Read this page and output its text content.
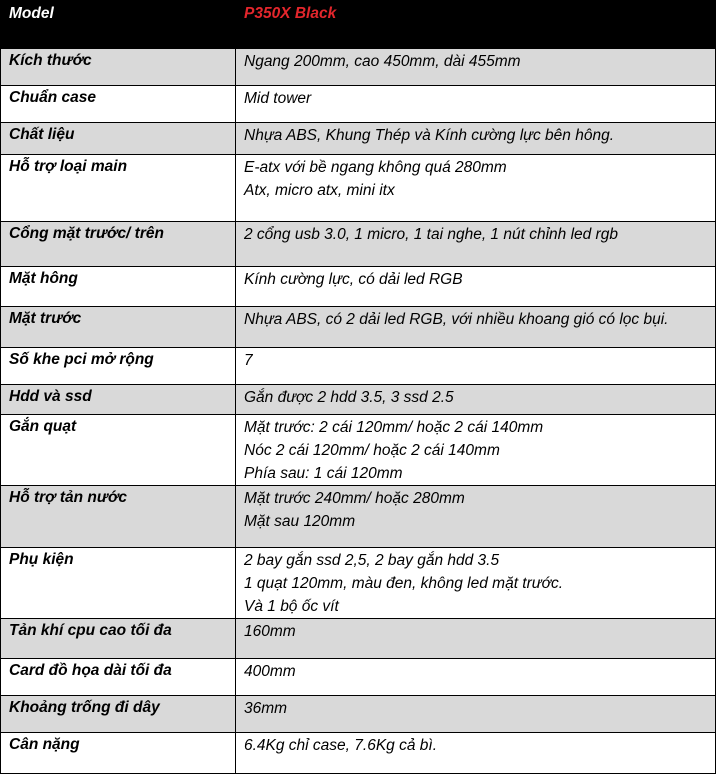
Model	P350X Black
Kích thước	Ngang 200mm, cao 450mm, dài 455mm

Chuẩn case	Mid tower

Chất liệu	Nhựa ABS, Khung Thép và Kính cường lực bên hông.

Hỗ trợ loại main	E-atx với bề ngang không quá 280mm
Atx, micro atx, mini itx

Cổng mặt trước/ trên	2 cổng usb 3.0, 1 micro, 1 tai nghe, 1 nút chỉnh led rgb

Mặt hông	Kính cường lực, có dải led RGB

Mặt trước	Nhựa ABS, có 2 dải led RGB, với nhiều khoang gió có lọc bụi.

Số khe pci mở rộng	7

Hdd và ssd	Gắn được 2 hdd 3.5, 3 ssd 2.5

Gắn quạt	Mặt trước: 2 cái 120mm/ hoặc 2 cái 140mm
Nóc 2 cái 120mm/ hoặc 2 cái 140mm
Phía sau: 1 cái 120mm

Hỗ trợ tản nước	Mặt trước 240mm/ hoặc 280mm
Mặt sau 120mm

Phụ kiện	2 bay gắn ssd 2,5, 2 bay gắn hdd 3.5
1 quạt 120mm, màu đen, không led mặt trước.
Và 1 bộ ốc vít

Tản khí cpu cao tối đa	160mm

Card đồ họa dài tối đa	400mm

Khoảng trống đi dây	36mm

Cân nặng	6.4Kg chỉ case, 7.6Kg cả bì.
